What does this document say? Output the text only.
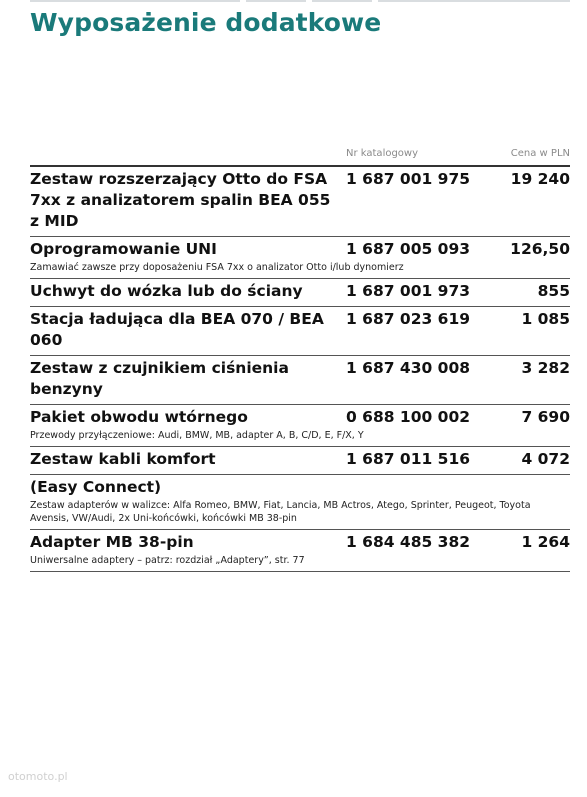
Wyposażenie dodatkowe
Nr katalogowy	Cena w PLN
Zestaw rozszerzający Otto do FSA 7xx z analizatorem spalin BEA 055 z MID
1 687 001 975	19 240
Oprogramowanie UNI	1 687 005 093	126,50
Zamawiać zawsze przy doposażeniu FSA 7xx o analizator Otto i/lub dynomierz
Uchwyt do wózka lub do ściany	1 687 001 973	855
Stacja ładująca dla BEA 070 / BEA 060
1 687 023 619	1 085
Zestaw z czujnikiem ciśnienia benzyny
1 687 430 008	3 282
Pakiet obwodu wtórnego	0 688 100 002	7 690
Przewody przyłączeniowe: Audi, BMW, MB, adapter A, B, C/D, E, F/X, Y
Zestaw kabli komfort	1 687 011 516	4 072
(Easy Connect)
Zestaw adapterów w walizce: Alfa Romeo, BMW, Fiat, Lancia, MB Actros, Atego, Sprinter, Peugeot, Toyota Avensis, VW/Audi, 2x Uni-końcówki, końcówki MB 38-pin
Adapter MB 38-pin	1 684 485 382	1 264
Uniwersalne adaptery – patrz: rozdział „Adaptery”, str. 77
otomoto.pl
